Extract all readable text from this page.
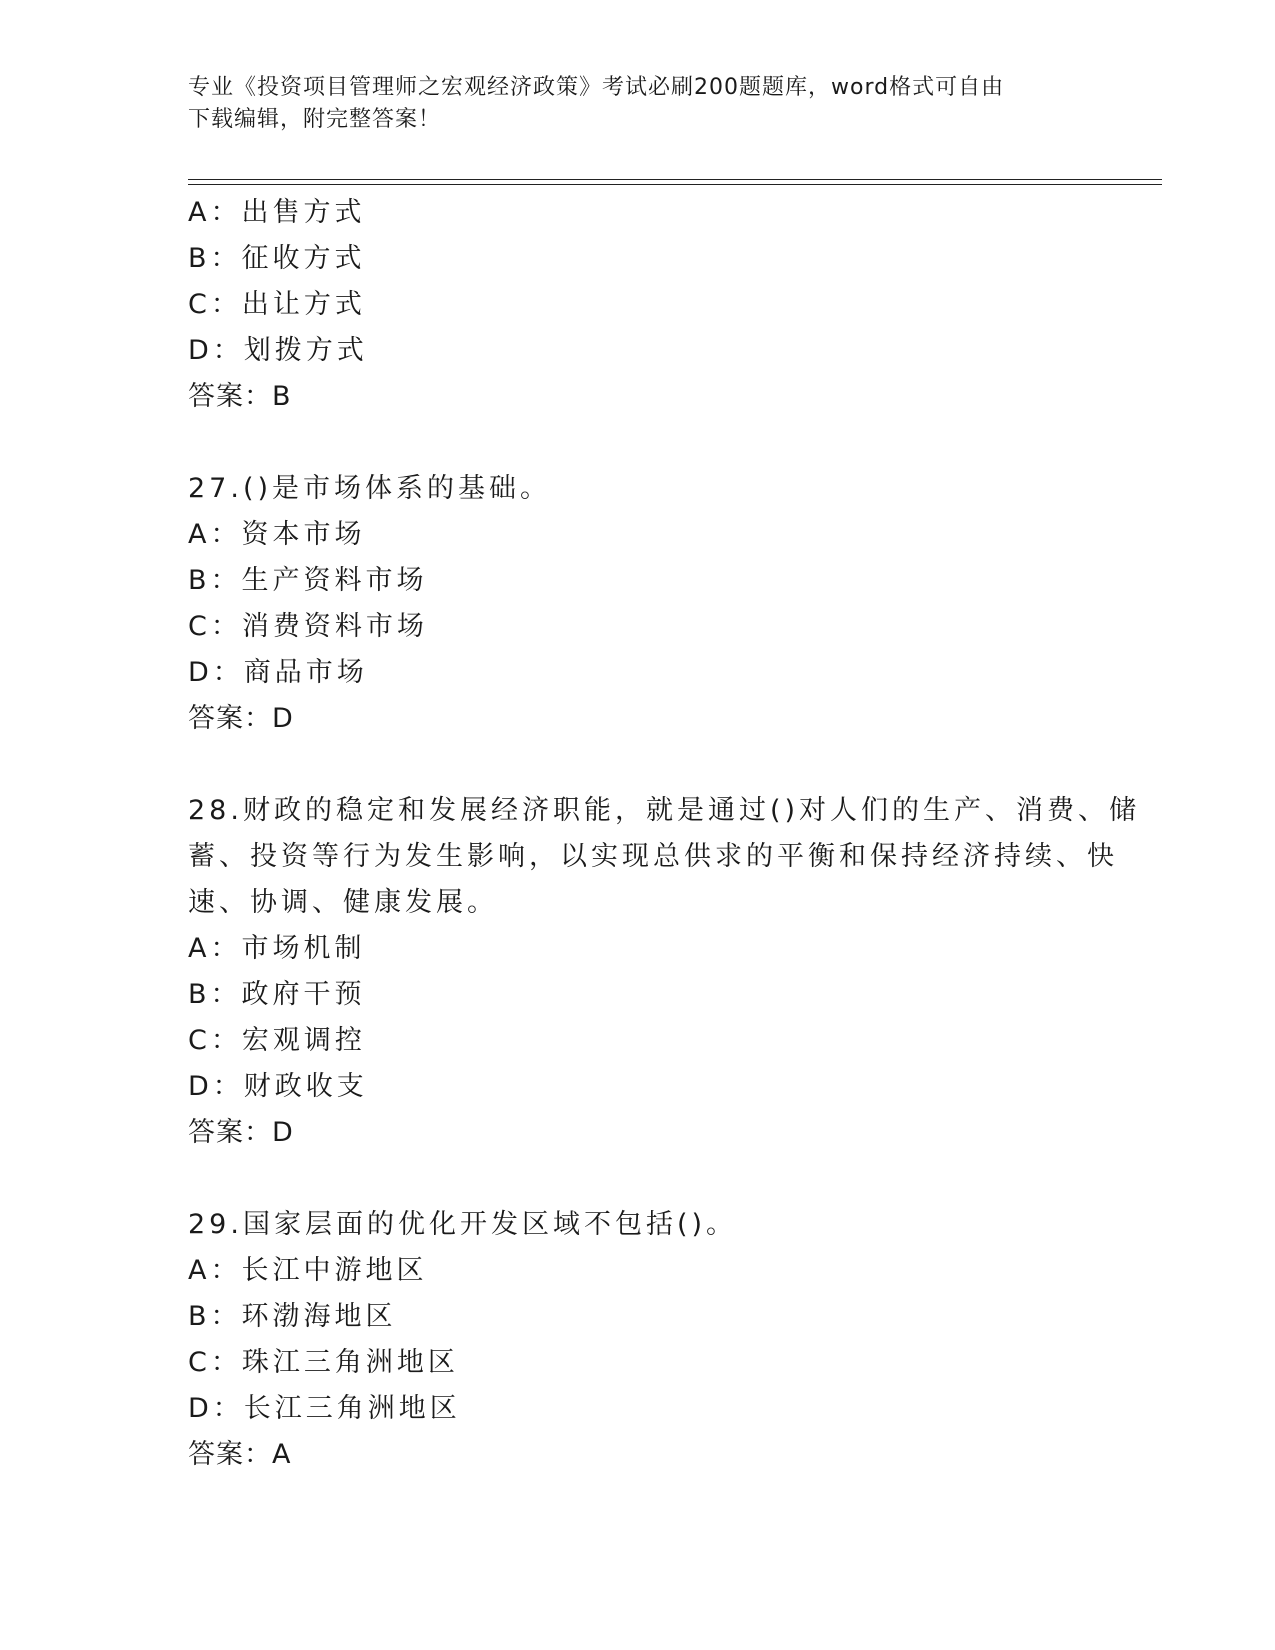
专业《投资项目管理师之宏观经济政策》考试必刷200题题库，word格式可自由
下载编辑，附完整答案！
A：出售方式
B：征收方式
C：出让方式
D：划拨方式
答案：B
27.()是市场体系的基础。
A：资本市场
B：生产资料市场
C：消费资料市场
D：商品市场
答案：D
28.财政的稳定和发展经济职能，就是通过()对人们的生产、消费、储
蓄、投资等行为发生影响，以实现总供求的平衡和保持经济持续、快
速、协调、健康发展。
A：市场机制
B：政府干预
C：宏观调控
D：财政收支
答案：D
29.国家层面的优化开发区域不包括()。
A：长江中游地区
B：环渤海地区
C：珠江三角洲地区
D：长江三角洲地区
答案：A
